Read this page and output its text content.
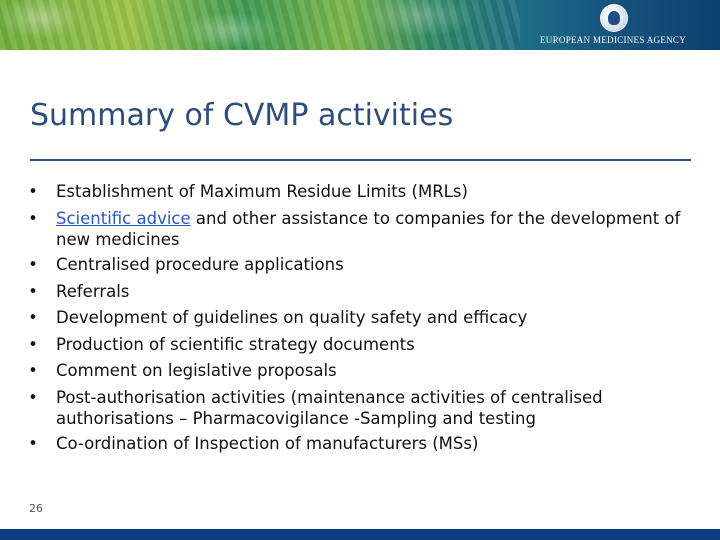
EUROPEAN MEDICINES AGENCY
Summary of CVMP activities
• Establishment of Maximum Residue Limits (MRLs)
• Scientific advice and other assistance to companies for the development of new medicines
• Centralised procedure applications
• Referrals
• Development of guidelines on quality safety and efficacy
• Production of scientific strategy documents
• Comment on legislative proposals
• Post-authorisation activities (maintenance activities of centralised authorisations – Pharmacovigilance -Sampling and testing
• Co-ordination of Inspection of manufacturers (MSs)
26
